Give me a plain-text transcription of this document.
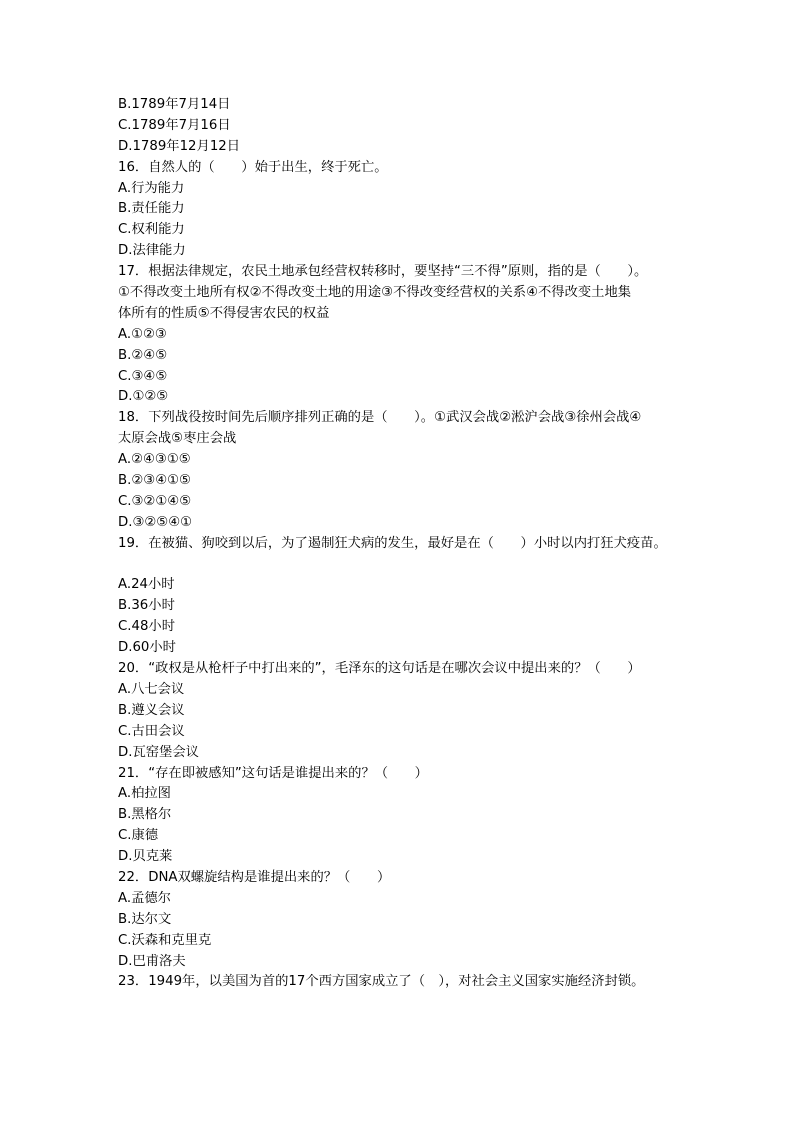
B.1789年7月14日
C.1789年7月16日
D.1789年12月12日
16．自然人的（　　）始于出生，终于死亡。
A.行为能力
B.责任能力
C.权利能力
D.法律能力
17．根据法律规定，农民土地承包经营权转移时，要坚持“三不得”原则，指的是（　　）。
①不得改变土地所有权②不得改变土地的用途③不得改变经营权的关系④不得改变土地集
体所有的性质⑤不得侵害农民的权益
A.①②③
B.②④⑤
C.③④⑤
D.①②⑤
18．下列战役按时间先后顺序排列正确的是（　　）。①武汉会战②淞沪会战③徐州会战④
太原会战⑤枣庄会战
A.②④③①⑤
B.②③④①⑤
C.③②①④⑤
D.③②⑤④①
19．在被猫、狗咬到以后，为了遏制狂犬病的发生，最好是在（　　）小时以内打狂犬疫苗。
A.24小时
B.36小时
C.48小时
D.60小时
20．“政权是从枪杆子中打出来的”，毛泽东的这句话是在哪次会议中提出来的？（　　）
A.八七会议
B.遵义会议
C.古田会议
D.瓦窑堡会议
21．“存在即被感知”这句话是谁提出来的？（　　）
A.柏拉图
B.黑格尔
C.康德
D.贝克莱
22．DNA双螺旋结构是谁提出来的？（　　）
A.孟德尔
B.达尔文
C.沃森和克里克
D.巴甫洛夫
23．1949年，以美国为首的17个西方国家成立了（　），对社会主义国家实施经济封锁。
